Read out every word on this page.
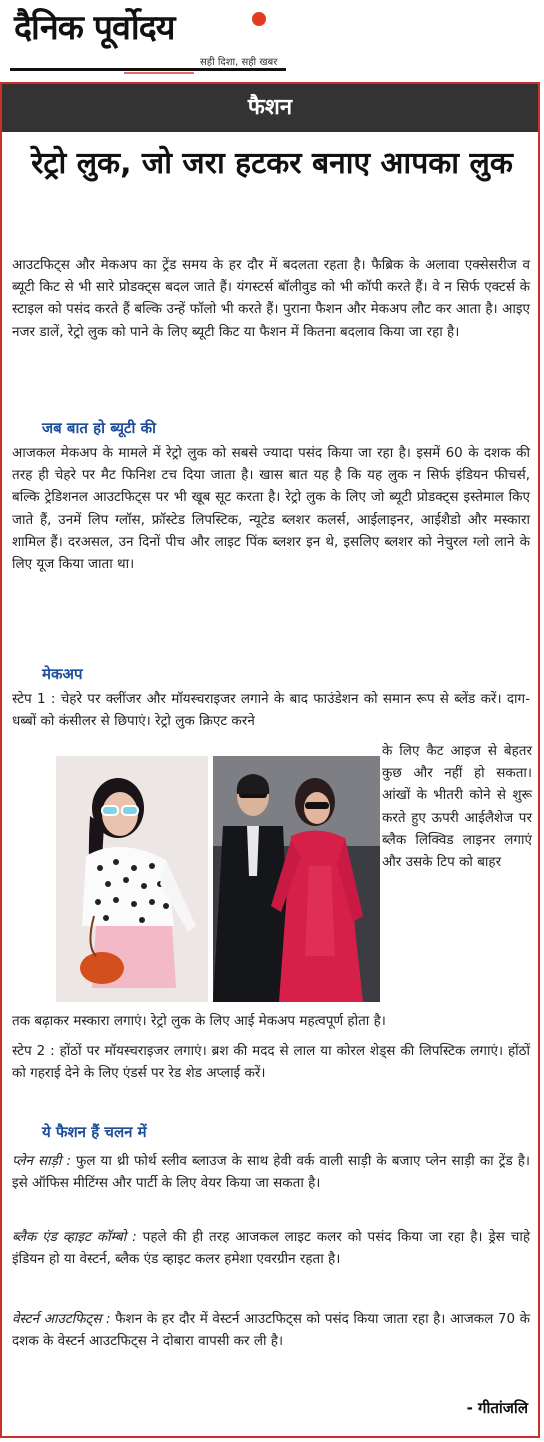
दैनिक पूर्वोदय
सही दिशा, सही खबर
फैशन
रेट्रो लुक, जो जरा हटकर बनाए आपका लुक

आउटफिट्स और मेकअप का ट्रेंड समय के हर दौर में बदलता रहता है। फैब्रिक के अलावा एक्सेसरीज व ब्यूटी किट से भी सारे प्रोडक्ट्स बदल जाते हैं। यंगस्टर्स बॉलीवुड को भी कॉपी करते हैं। वे न सिर्फ एक्टर्स के स्टाइल को पसंद करते हैं बल्कि उन्हें फॉलो भी करते हैं। पुराना फैशन और मेकअप लौट कर आता है। आइए नजर डालें, रेट्रो लुक को पाने के लिए ब्यूटी किट या फैशन में कितना बदलाव किया जा रहा है।

जब बात हो ब्यूटी की

आजकल मेकअप के मामले में रेट्रो लुक को सबसे ज्यादा पसंद किया जा रहा है। इसमें 60 के दशक की तरह ही चेहरे पर मैट फिनिश टच दिया जाता है। खास बात यह है कि यह लुक न सिर्फ इंडियन फीचर्स, बल्कि ट्रेडिशनल आउटफिट्स पर भी खूब सूट करता है। रेट्रो लुक के लिए जो ब्यूटी प्रोडक्ट्स इस्तेमाल किए जाते हैं, उनमें लिप ग्लॉस, फ्रॉस्टेड लिपस्टिक, न्यूटेड ब्लशर कलर्स, आईलाइनर, आईशैडो और मस्कारा शामिल हैं। दरअसल, उन दिनों पीच और लाइट पिंक ब्लशर इन थे, इसलिए ब्लशर को नेचुरल ग्लो लाने के लिए यूज किया जाता था।

मेकअप

स्टेप 1 : चेहरे पर क्लींजर और मॉयस्चराइजर लगाने के बाद फाउंडेशन को समान रूप से ब्लेंड करें। दाग-धब्बों को कंसीलर से छिपाएं। रेट्रो लुक क्रिएट करने

के लिए कैट आइज से बेहतर कुछ और नहीं हो सकता। आंखों के भीतरी कोने से शुरू करते हुए ऊपरी आईलैशेज पर ब्लैक लिक्विड लाइनर लगाएं और उसके टिप को बाहर

तक बढ़ाकर मस्कारा लगाएं। रेट्रो लुक के लिए आई मेकअप महत्वपूर्ण होता है।

स्टेप 2 : होंठों पर मॉयस्चराइजर लगाएं। ब्रश की मदद से लाल या कोरल शेड्स की लिपस्टिक लगाएं। होंठों को गहराई देने के लिए एंडर्स पर रेड शेड अप्लाई करें।

ये फैशन हैं चलन में

प्लेन साड़ी : फुल या थ्री फोर्थ स्लीव ब्लाउज के साथ हेवी वर्क वाली साड़ी के बजाए प्लेन साड़ी का ट्रेंड है। इसे ऑफिस मीटिंग्स और पार्टी के लिए वेयर किया जा सकता है।

ब्लैक एंड व्हाइट कॉम्बो : पहले की ही तरह आजकल लाइट कलर को पसंद किया जा रहा है। ड्रेस चाहे इंडियन हो या वेस्टर्न, ब्लैक एंड व्हाइट कलर हमेशा एवरग्रीन रहता है।

वेस्टर्न आउटफिट्स : फैशन के हर दौर में वेस्टर्न आउटफिट्स को पसंद किया जाता रहा है। आजकल 70 के दशक के वेस्टर्न आउटफिट्स ने दोबारा वापसी कर ली है।

- गीतांजलि
